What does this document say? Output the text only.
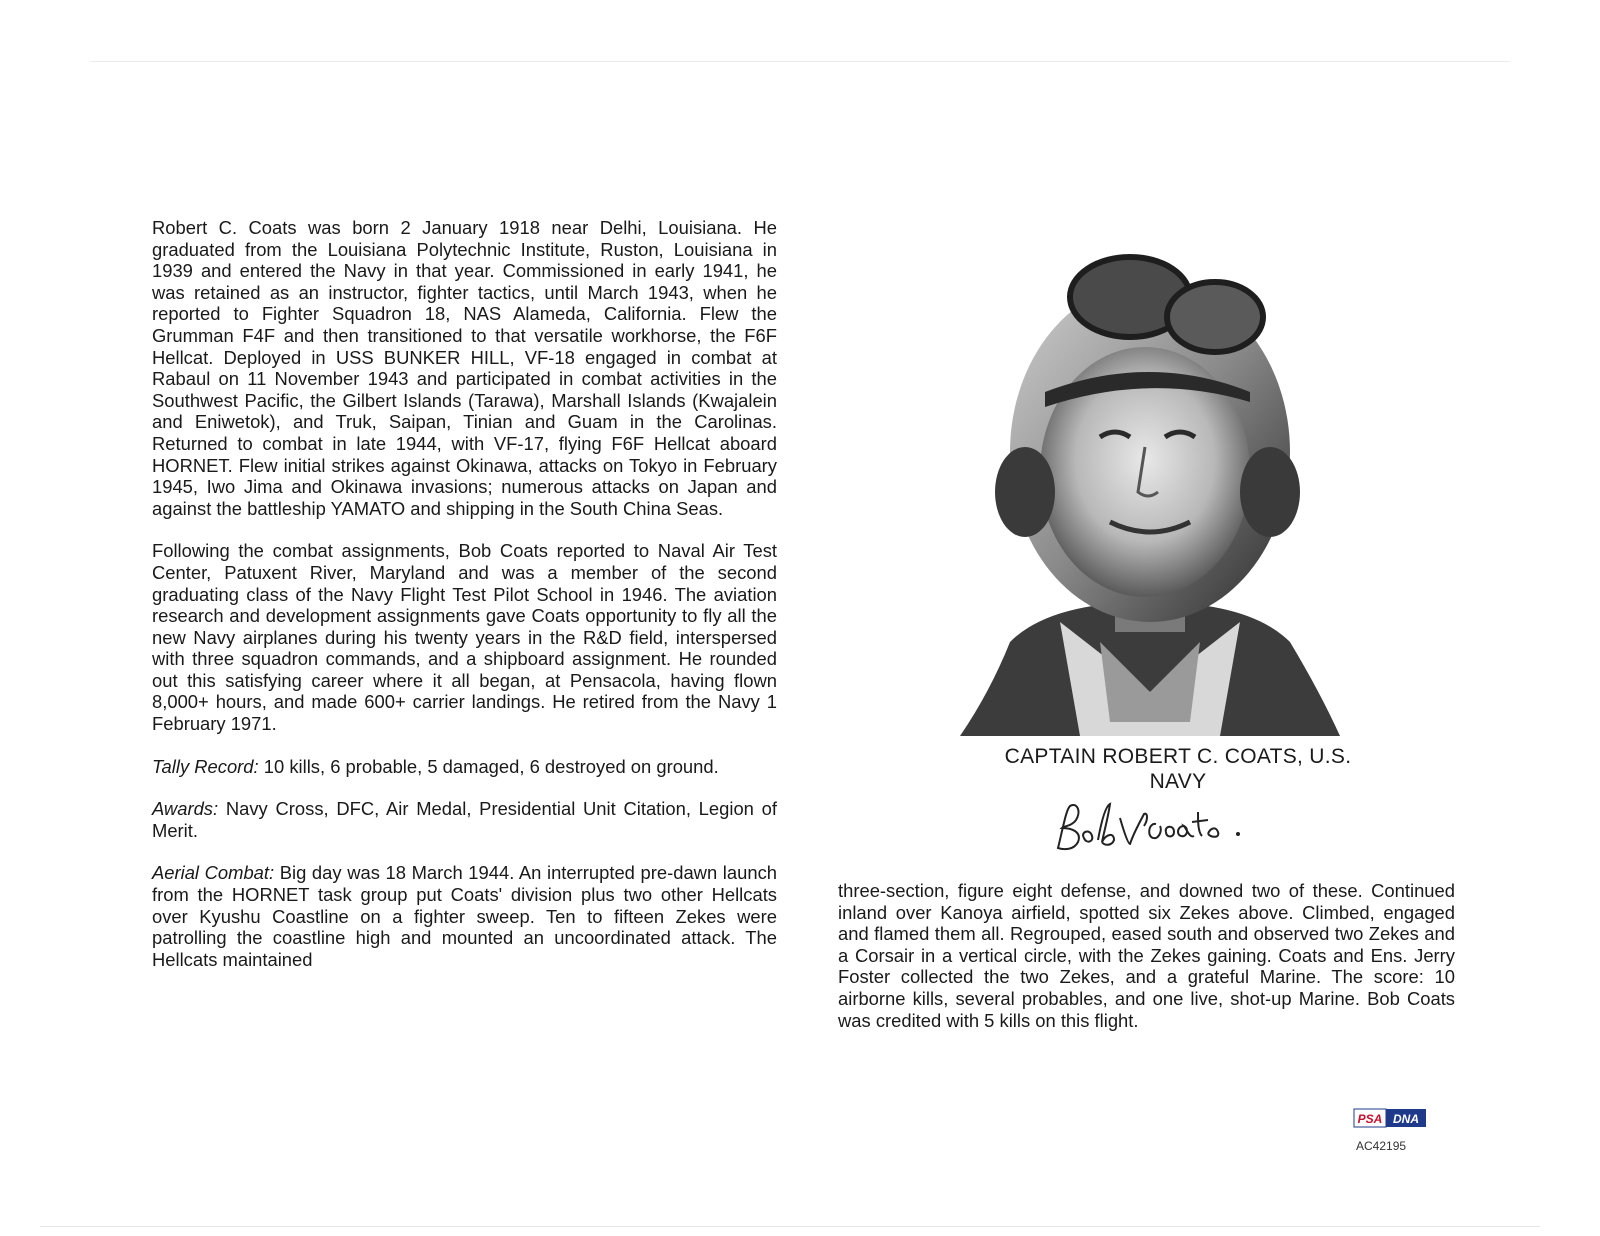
Robert C. Coats was born 2 January 1918 near Delhi, Louisiana. He graduated from the Louisiana Polytechnic Institute, Ruston, Louisiana in 1939 and entered the Navy in that year. Commissioned in early 1941, he was retained as an instructor, fighter tactics, until March 1943, when he reported to Fighter Squadron 18, NAS Alameda, California. Flew the Grumman F4F and then transitioned to that versatile workhorse, the F6F Hellcat. Deployed in USS BUNKER HILL, VF-18 engaged in combat at Rabaul on 11 November 1943 and participated in combat activities in the Southwest Pacific, the Gilbert Islands (Tarawa), Marshall Islands (Kwajalein and Eniwetok), and Truk, Saipan, Tinian and Guam in the Carolinas. Returned to combat in late 1944, with VF-17, flying F6F Hellcat aboard HORNET. Flew initial strikes against Okinawa, attacks on Tokyo in February 1945, Iwo Jima and Okinawa invasions; numerous attacks on Japan and against the battleship YAMATO and shipping in the South China Seas.

Following the combat assignments, Bob Coats reported to Naval Air Test Center, Patuxent River, Maryland and was a member of the second graduating class of the Navy Flight Test Pilot School in 1946. The aviation research and development assignments gave Coats opportunity to fly all the new Navy airplanes during his twenty years in the R&D field, interspersed with three squadron commands, and a shipboard assignment. He rounded out this satisfying career where it all began, at Pensacola, having flown 8,000+ hours, and made 600+ carrier landings. He retired from the Navy 1 February 1971.

Tally Record: 10 kills, 6 probable, 5 damaged, 6 destroyed on ground.

Awards: Navy Cross, DFC, Air Medal, Presidential Unit Citation, Legion of Merit.

Aerial Combat: Big day was 18 March 1944. An interrupted pre-dawn launch from the HORNET task group put Coats' division plus two other Hellcats over Kyushu Coastline on a fighter sweep. Ten to fifteen Zekes were patrolling the coastline high and mounted an uncoordinated attack. The Hellcats maintained

CAPTAIN ROBERT C. COATS, U.S.
NAVY

three-section, figure eight defense, and downed two of these. Continued inland over Kanoya airfield, spotted six Zekes above. Climbed, engaged and flamed them all. Regrouped, eased south and observed two Zekes and a Corsair in a vertical circle, with the Zekes gaining. Coats and Ens. Jerry Foster collected the two Zekes, and a grateful Marine. The score: 10 airborne kills, several probables, and one live, shot-up Marine. Bob Coats was credited with 5 kills on this flight.

PSA DNA
AC42195
